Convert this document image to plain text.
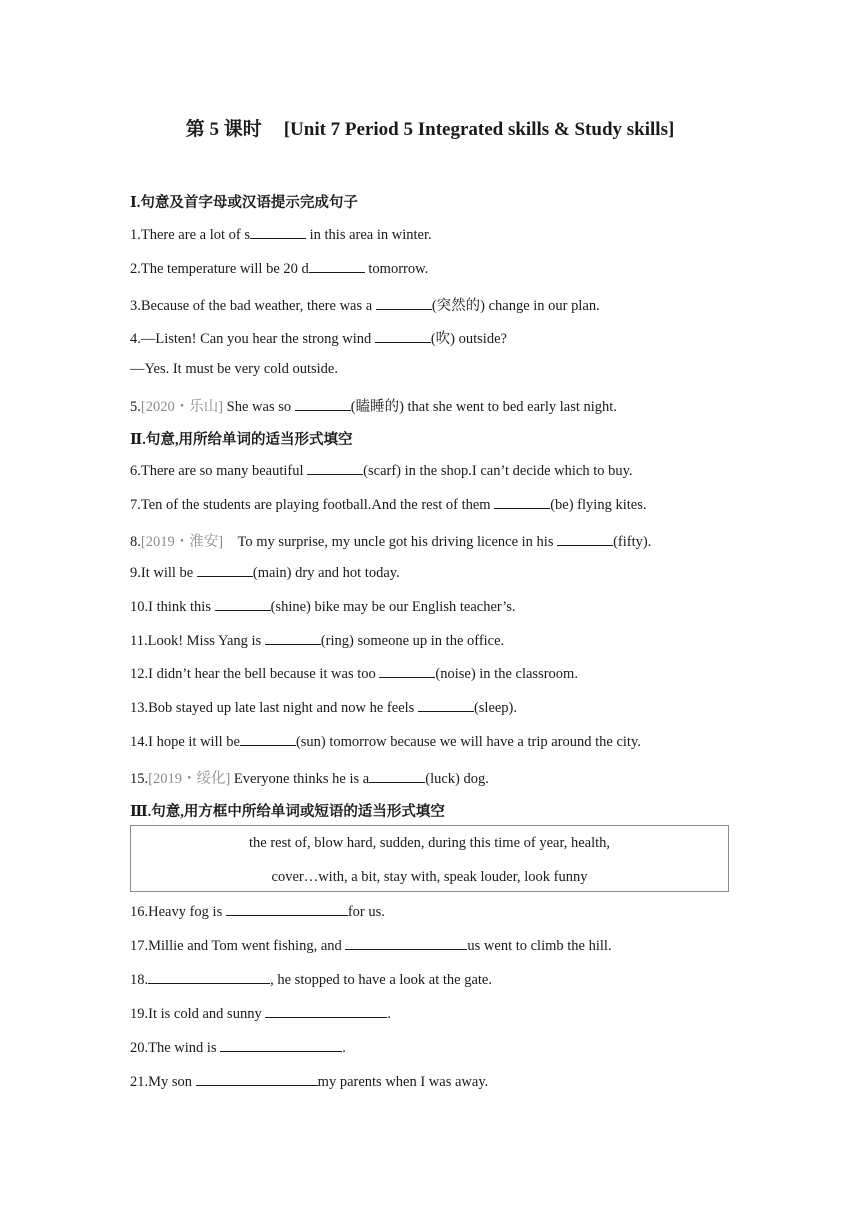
第 5 课时 [Unit 7 Period 5 Integrated skills & Study skills]
Ⅰ.句意及首字母或汉语提示完成句子
1.There are a lot of s	in this area in winter.
2.The temperature will be 20 d	tomorrow.
3.Because of the bad weather, there was a	(突然的) change in our plan.
4.—Listen! Can you hear the strong wind	(吹) outside?
—Yes. It must be very cold outside.
5.[2020・乐山] She was so	(瞌睡的) that she went to bed early last night.
Ⅱ.句意,用所给单词的适当形式填空
6.There are so many beautiful	(scarf) in the shop.I can’t decide which to buy.
7.Ten of the students are playing football.And the rest of them	(be) flying kites.
8.[2019・淮安]    To my surprise, my uncle got his driving licence in his	(fifty).
9.It will be	(main) dry and hot today.
10.I think this	(shine) bike may be our English teacher’s.
11.Look! Miss Yang is	(ring) someone up in the office.
12.I didn’t hear the bell because it was too	(noise) in the classroom.
13.Bob stayed up late last night and now he feels	(sleep).
14.I hope it will be	(sun) tomorrow because we will have a trip around the city.
15.[2019・绥化] Everyone thinks he is a	(luck) dog.
Ⅲ.句意,用方框中所给单词或短语的适当形式填空
the rest of, blow hard, sudden, during this time of year, health,
cover…with, a bit, stay with, speak louder, look funny
16.Heavy fog is	for us.
17.Millie and Tom went fishing, and	us went to climb the hill.
18.	, he stopped to have a look at the gate.
19.It is cold and sunny	.
20.The wind is	.
21.My son	my parents when I was away.
